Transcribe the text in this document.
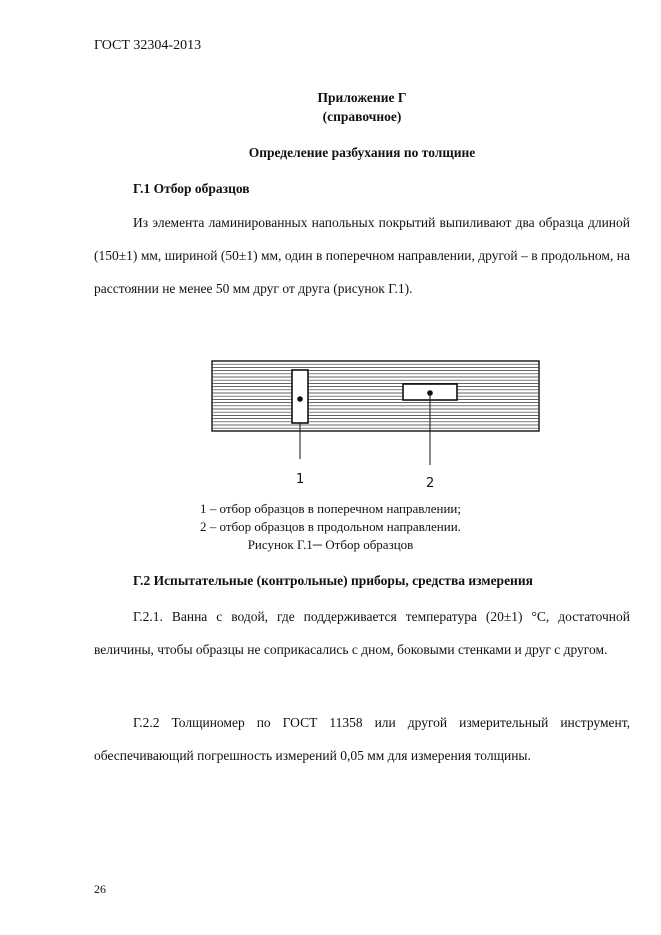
ГОСТ 32304-2013
Приложение Г
(справочное)
Определение разбухания по толщине
Г.1 Отбор образцов

Из элемента ламинированных напольных покрытий выпиливают два образца длиной (150±1) мм, шириной (50±1) мм, один в поперечном направлении, другой – в продольном, на расстоянии не менее 50 мм друг от друга (рисунок Г.1).

1	2
1 – отбор образцов в поперечном направлении;
2 – отбор образцов в продольном направлении.
Рисунок Г.1─ Отбор образцов
Г.2 Испытательные (контрольные) приборы, средства измерения

Г.2.1. Ванна с водой, где поддерживается температура (20±1) °С, достаточной величины, чтобы образцы не соприкасались с дном, боковыми стенками и друг с другом.

Г.2.2 Толщиномер по ГОСТ 11358 или другой измерительный инструмент, обеспечивающий погрешность измерений 0,05 мм для измерения толщины.

26
